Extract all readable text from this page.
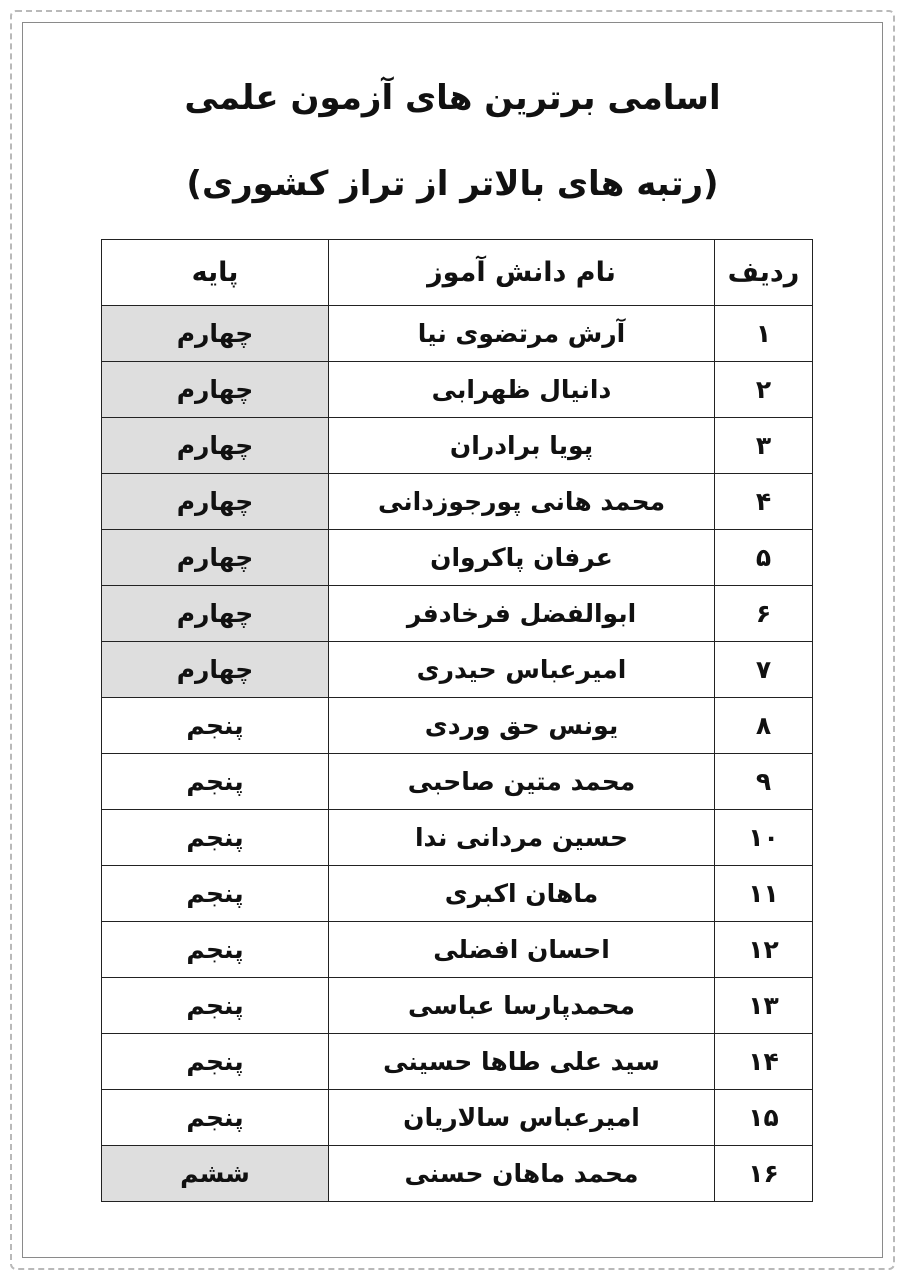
اسامی برترین های آزمون علمی
(رتبه های بالاتر از تراز کشوری)
ردیف	نام دانش آموز	پایه
۱	آرش مرتضوی نیا	چهارم
۲	دانیال ظهرابی	چهارم
۳	پویا برادران	چهارم
۴	محمد هانی پورجوزدانی	چهارم
۵	عرفان پاکروان	چهارم
۶	ابوالفضل فرخادفر	چهارم
۷	امیرعباس حیدری	چهارم
۸	یونس حق وردی	پنجم
۹	محمد متین صاحبی	پنجم
۱۰	حسین مردانی ندا	پنجم
۱۱	ماهان اکبری	پنجم
۱۲	احسان افضلی	پنجم
۱۳	محمدپارسا عباسی	پنجم
۱۴	سید علی طاها حسینی	پنجم
۱۵	امیرعباس سالاریان	پنجم
۱۶	محمد ماهان حسنی	ششم
